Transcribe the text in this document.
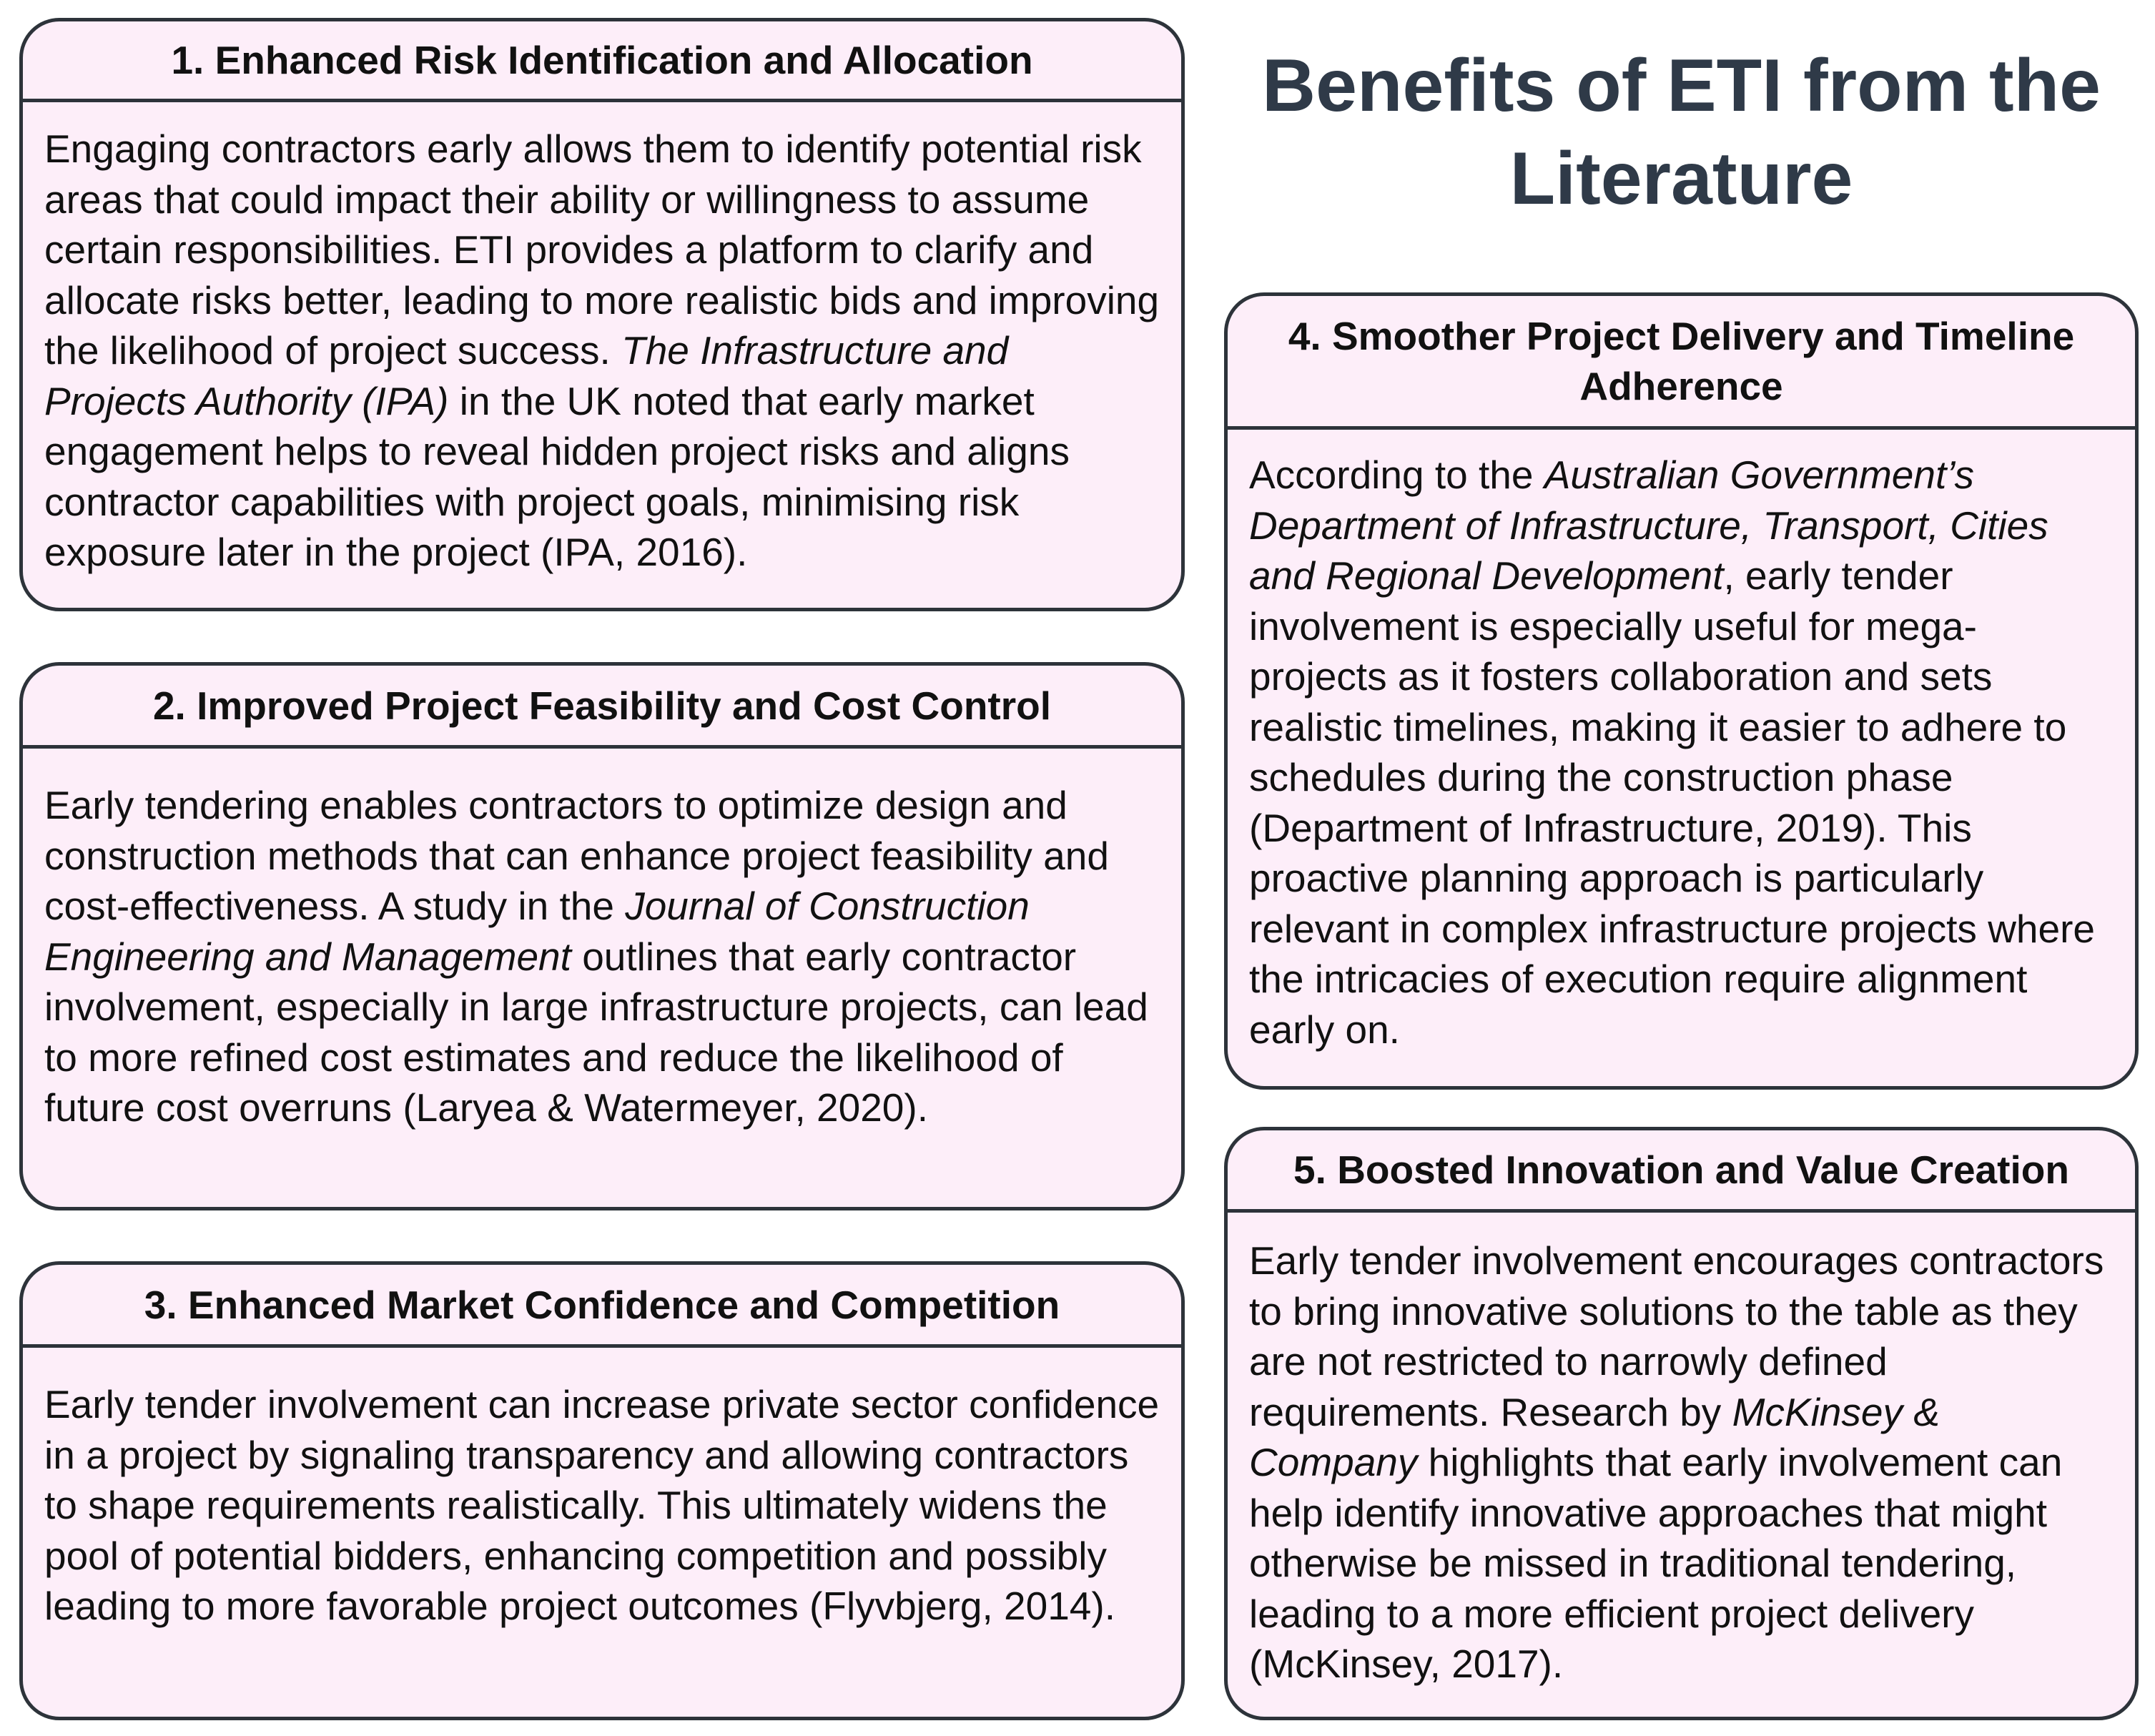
Benefits of ETI from the Literature
1. Enhanced Risk Identification and Allocation
Engaging contractors early allows them to identify potential risk areas that could impact their ability or willingness to assume certain responsibilities. ETI provides a platform to clarify and allocate risks better, leading to more realistic bids and improving the likelihood of project success. The Infrastructure and Projects Authority (IPA) in the UK noted that early market engagement helps to reveal hidden project risks and aligns contractor capabilities with project goals, minimising risk exposure later in the project (IPA, 2016).
2. Improved Project Feasibility and Cost Control
Early tendering enables contractors to optimize design and construction methods that can enhance project feasibility and cost-effectiveness. A study in the Journal of Construction Engineering and Management outlines that early contractor involvement, especially in large infrastructure projects, can lead to more refined cost estimates and reduce the likelihood of future cost overruns (Laryea & Watermeyer, 2020).
3. Enhanced Market Confidence and Competition
Early tender involvement can increase private sector confidence in a project by signaling transparency and allowing contractors to shape requirements realistically. This ultimately widens the pool of potential bidders, enhancing competition and possibly leading to more favorable project outcomes (Flyvbjerg, 2014).
4. Smoother Project Delivery and Timeline Adherence
According to the Australian Government’s Department of Infrastructure, Transport, Cities and Regional Development, early tender involvement is especially useful for mega-projects as it fosters collaboration and sets realistic timelines, making it easier to adhere to schedules during the construction phase (Department of Infrastructure, 2019). This proactive planning approach is particularly relevant in complex infrastructure projects where the intricacies of execution require alignment early on.
5. Boosted Innovation and Value Creation
Early tender involvement encourages contractors to bring innovative solutions to the table as they are not restricted to narrowly defined requirements. Research by McKinsey & Company highlights that early involvement can help identify innovative approaches that might otherwise be missed in traditional tendering, leading to a more efficient project delivery (McKinsey, 2017).
